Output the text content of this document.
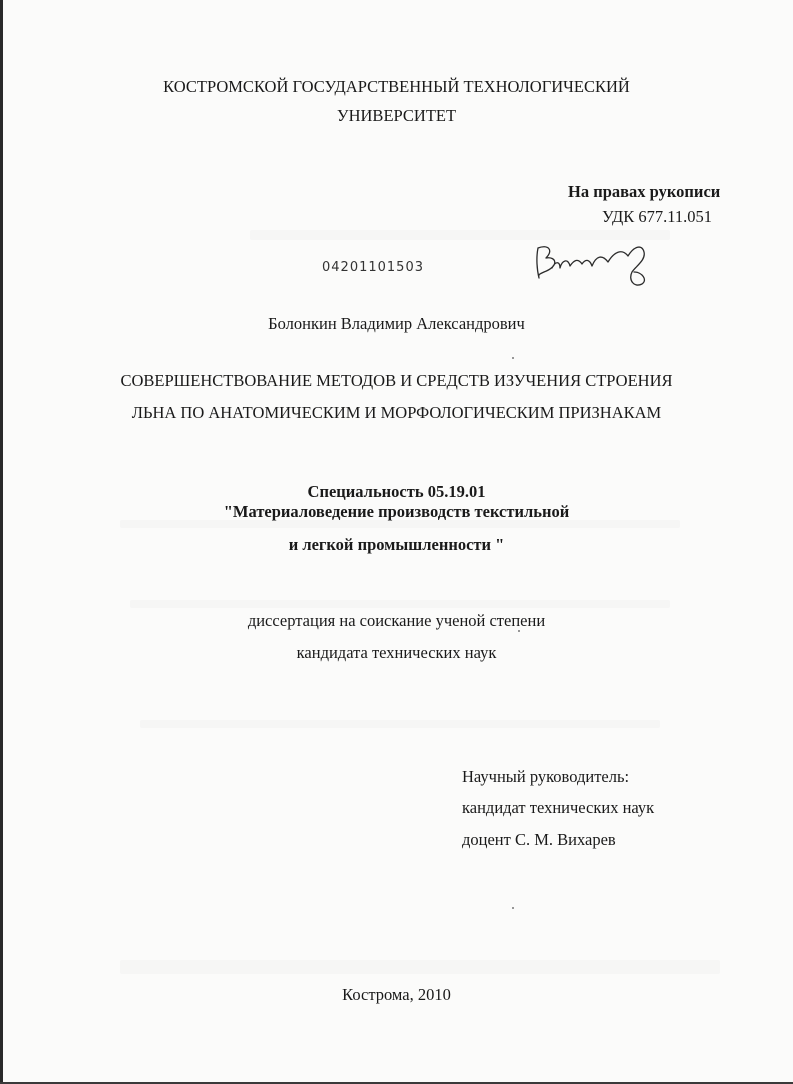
КОСТРОМСКОЙ ГОСУДАРСТВЕННЫЙ ТЕХНОЛОГИЧЕСКИЙ
УНИВЕРСИТЕТ
На правах рукописи
УДК 677.11.051
04201101503
Болонкин Владимир Александрович
СОВЕРШЕНСТВОВАНИЕ МЕТОДОВ И СРЕДСТВ ИЗУЧЕНИЯ СТРОЕНИЯ
ЛЬНА ПО АНАТОМИЧЕСКИМ И МОРФОЛОГИЧЕСКИМ ПРИЗНАКАМ
Специальность 05.19.01
"Материаловедение производств текстильной
и легкой промышленности "
диссертация на соискание ученой степени
кандидата технических наук
Научный руководитель:
кандидат технических наук
доцент С. М. Вихарев
Кострома, 2010
